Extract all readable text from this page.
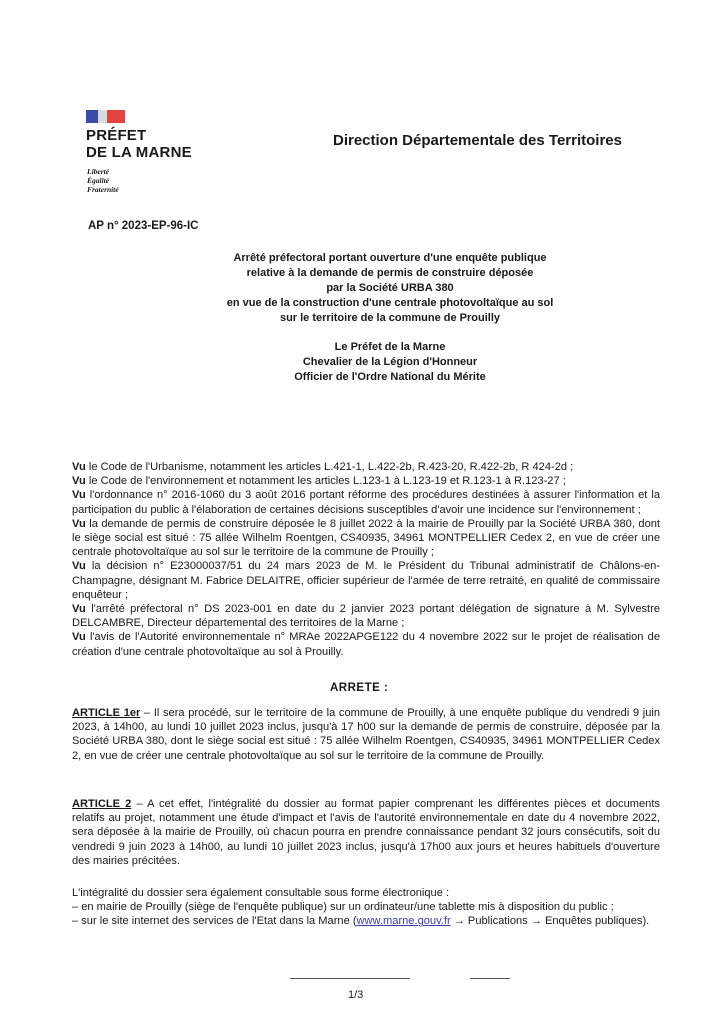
PRÉFET
DE LA MARNE
Liberté
Égalité
Fraternité
Direction Départementale des Territoires
AP n° 2023-EP-96-IC
Arrêté préfectoral portant ouverture d'une enquête publique
relative à la demande de permis de construire déposée
par la Société URBA 380
en vue de la construction d'une centrale photovoltaïque au sol
sur le territoire de la commune de Prouilly
Le Préfet de la Marne
Chevalier de la Légion d'Honneur
Officier de l'Ordre National du Mérite

Vu le Code de l'Urbanisme, notamment les articles L.421-1, L.422-2b, R.423-20, R.422-2b, R 424-2d ;

Vu le Code de l'environnement et notamment les articles L.123-1 à L.123-19 et R.123-1 à R.123-27 ;

Vu l'ordonnance n° 2016-1060 du 3 août 2016 portant réforme des procédures destinées à assurer l'information et la participation du public à l'élaboration de certaines décisions susceptibles d'avoir une incidence sur l'environnement ;

Vu la demande de permis de construire déposée le 8 juillet 2022 à la mairie de Prouilly par la Société URBA 380, dont le siège social est situé : 75 allée Wilhelm Roentgen, CS40935, 34961 MONTPELLIER Cedex 2, en vue de créer une centrale photovoltaïque au sol sur le territoire de la commune de Prouilly ;

Vu la décision n° E23000037/51 du 24 mars 2023 de M. le Président du Tribunal administratif de Châlons-en-Champagne, désignant M. Fabrice DELAITRE, officier supérieur de l'armée de terre retraité, en qualité de commissaire enquêteur ;

Vu l'arrêté préfectoral n° DS 2023-001 en date du 2 janvier 2023 portant délégation de signature à M. Sylvestre DELCAMBRE, Directeur départemental des territoires de la Marne ;

Vu l'avis de l'Autorité environnementale n° MRAe 2022APGE122 du 4 novembre 2022 sur le projet de réalisation de création d'une centrale photovoltaïque au sol à Prouilly.

ARRETE :

ARTICLE 1er – Il sera procédé, sur le territoire de la commune de Prouilly, à une enquête publique du vendredi 9 juin 2023, à 14h00, au lundi 10 juillet 2023 inclus, jusqu'à 17 h00 sur la demande de permis de construire, déposée par la Société URBA 380, dont le siège social est situé : 75 allée Wilhelm Roentgen, CS40935, 34961 MONTPELLIER Cedex 2, en vue de créer une centrale photovoltaïque au sol sur le territoire de la commune de Prouilly.

ARTICLE 2 – A cet effet, l'intégralité du dossier au format papier comprenant les différentes pièces et documents relatifs au projet, notamment une étude d'impact et l'avis de l'autorité environnementale en date du 4 novembre 2022, sera déposée à la mairie de Prouilly, où chacun pourra en prendre connaissance pendant 32 jours consécutifs, soit du vendredi 9 juin 2023 à 14h00, au lundi 10 juillet 2023 inclus, jusqu'à 17h00 aux jours et heures habituels d'ouverture des mairies précitées.

L'intégralité du dossier sera également consultable sous forme électronique :

– en mairie de Prouilly (siège de l'enquête publique) sur un ordinateur/une tablette mis à disposition du public ;

– sur le site internet des services de l'Etat dans la Marne (www.marne.gouv.fr → Publications → Enquêtes publiques).

1/3
